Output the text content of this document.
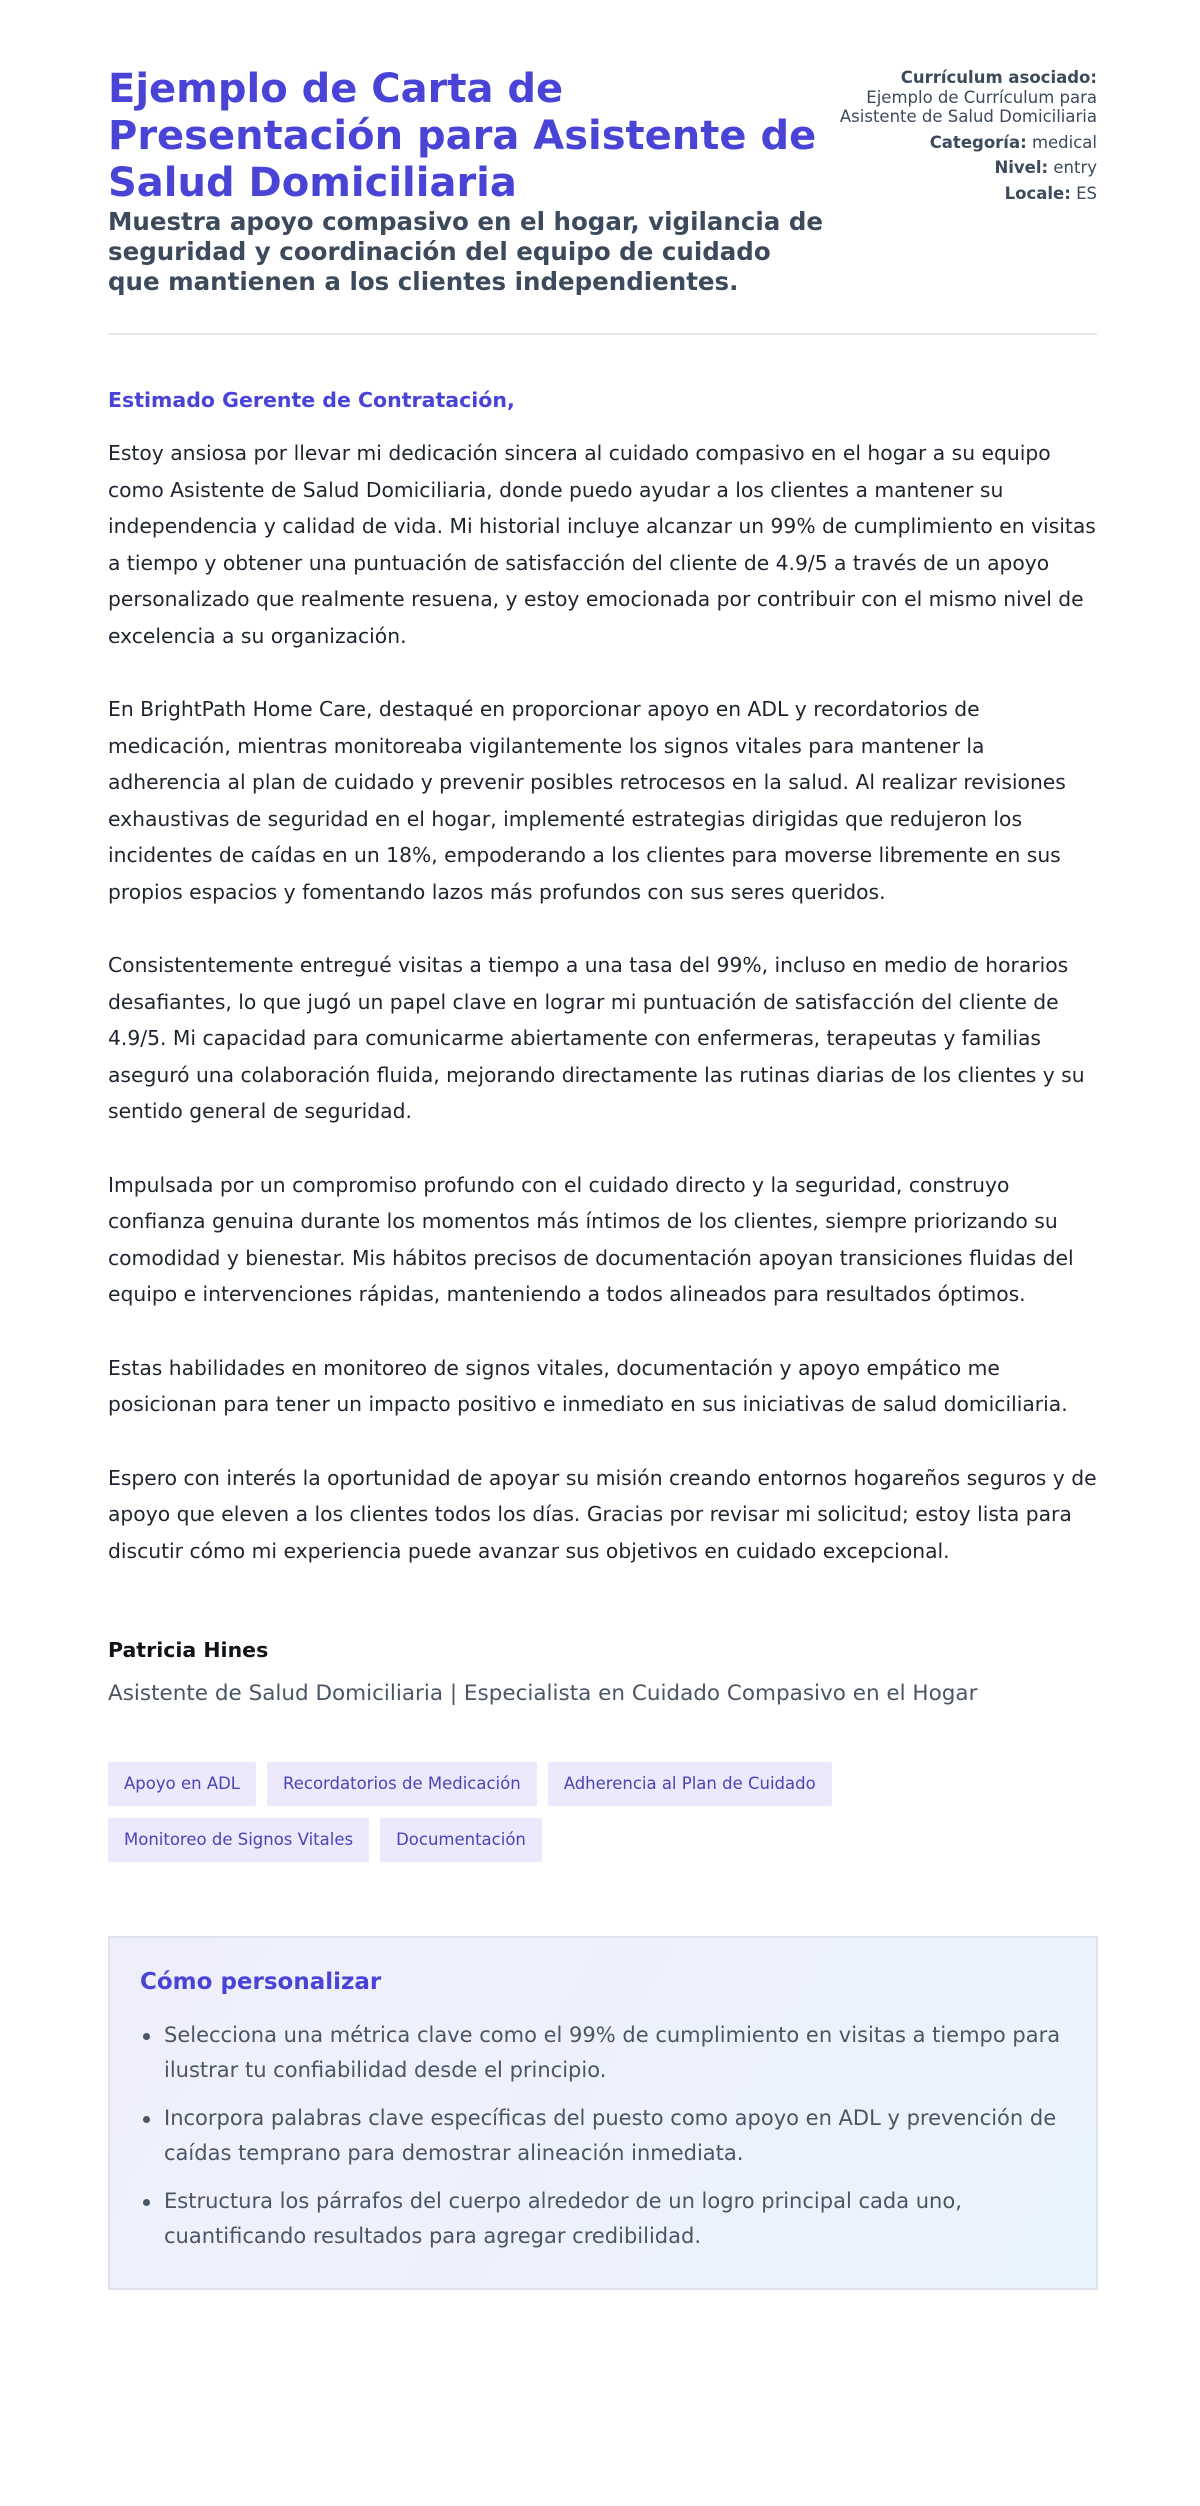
Ejemplo de Carta de Presentación para Asistente de Salud Domiciliaria
Muestra apoyo compasivo en el hogar, vigilancia de seguridad y coordinación del equipo de cuidado que mantienen a los clientes independientes.
Currículum asociado:
Ejemplo de Currículum para Asistente de Salud Domiciliaria
Categoría: medical
Nivel: entry
Locale: ES

Estimado Gerente de Contratación,

Estoy ansiosa por llevar mi dedicación sincera al cuidado compasivo en el hogar a su equipo como Asistente de Salud Domiciliaria, donde puedo ayudar a los clientes a mantener su independencia y calidad de vida. Mi historial incluye alcanzar un 99% de cumplimiento en visitas a tiempo y obtener una puntuación de satisfacción del cliente de 4.9/5 a través de un apoyo personalizado que realmente resuena, y estoy emocionada por contribuir con el mismo nivel de excelencia a su organización.

En BrightPath Home Care, destaqué en proporcionar apoyo en ADL y recordatorios de medicación, mientras monitoreaba vigilantemente los signos vitales para mantener la adherencia al plan de cuidado y prevenir posibles retrocesos en la salud. Al realizar revisiones exhaustivas de seguridad en el hogar, implementé estrategias dirigidas que redujeron los incidentes de caídas en un 18%, empoderando a los clientes para moverse libremente en sus propios espacios y fomentando lazos más profundos con sus seres queridos.

Consistentemente entregué visitas a tiempo a una tasa del 99%, incluso en medio de horarios desafiantes, lo que jugó un papel clave en lograr mi puntuación de satisfacción del cliente de 4.9/5. Mi capacidad para comunicarme abiertamente con enfermeras, terapeutas y familias aseguró una colaboración fluida, mejorando directamente las rutinas diarias de los clientes y su sentido general de seguridad.

Impulsada por un compromiso profundo con el cuidado directo y la seguridad, construyo confianza genuina durante los momentos más íntimos de los clientes, siempre priorizando su comodidad y bienestar. Mis hábitos precisos de documentación apoyan transiciones fluidas del equipo e intervenciones rápidas, manteniendo a todos alineados para resultados óptimos.

Estas habilidades en monitoreo de signos vitales, documentación y apoyo empático me posicionan para tener un impacto positivo e inmediato en sus iniciativas de salud domiciliaria.

Espero con interés la oportunidad de apoyar su misión creando entornos hogareños seguros y de apoyo que eleven a los clientes todos los días. Gracias por revisar mi solicitud; estoy lista para discutir cómo mi experiencia puede avanzar sus objetivos en cuidado excepcional.

Patricia Hines

Asistente de Salud Domiciliaria | Especialista en Cuidado Compasivo en el Hogar

Apoyo en ADL	Recordatorios de Medicación	Adherencia al Plan de Cuidado
Monitoreo de Signos Vitales	Documentación
Cómo personalizar
Selecciona una métrica clave como el 99% de cumplimiento en visitas a tiempo para ilustrar tu confiabilidad desde el principio.
Incorpora palabras clave específicas del puesto como apoyo en ADL y prevención de caídas temprano para demostrar alineación inmediata.
Estructura los párrafos del cuerpo alrededor de un logro principal cada uno, cuantificando resultados para agregar credibilidad.
